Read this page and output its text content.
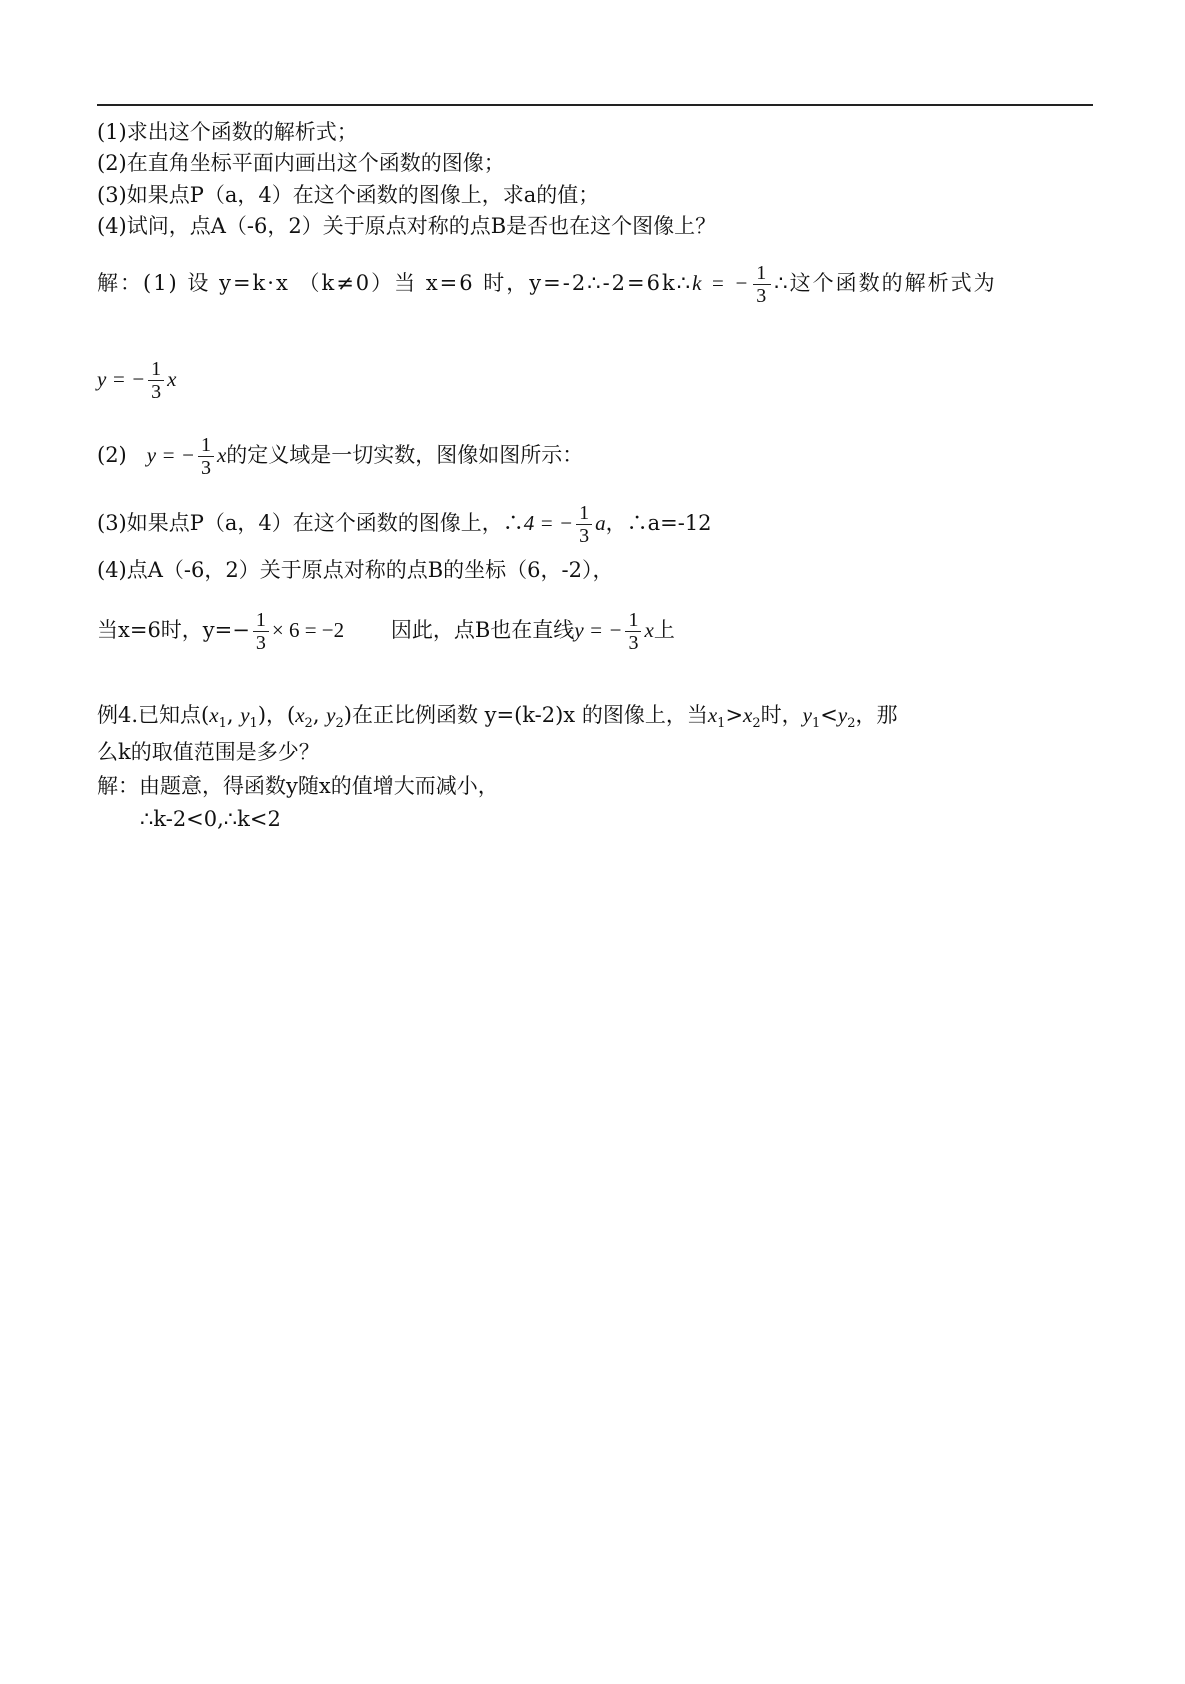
(1)求出这个函数的解析式；
(2)在直角坐标平面内画出这个函数的图像；
(3)如果点P（a，4）在这个函数的图像上，求a的值；
(4)试问，点A（-6，2）关于原点对称的点B是否也在这个图像上？
解：(1) 设 y=k·x （k≠0）当 x=6 时，y=-2∴-2=6k∴k = − $\frac{1}{3}$ ∴这个函数的解析式为
y = − $\frac{1}{3}$ x
(2) y = − $\frac{1}{3}$ x的定义域是一切实数，图像如图所示：
(3)如果点P（a，4）在这个函数的图像上，∴4 = − $\frac{1}{3}$ a，∴a=-12
(4)点A（-6，2）关于原点对称的点B的坐标（6，-2），
当x=6时，$y=- \frac{1}{3} \times 6 = -2$ 因此，点B也在直线y = − $\frac{1}{3}$ x上
例4.已知点($x_1$, $y_1$)，($x_2$, $y_2$)在正比例函数 y=(k-2)x 的图像上，当$x_1>x_2$时，$y_1<y_2$，那
么k的取值范围是多少？
解：由题意，得函数y随x的值增大而减小，
∴k-2<0,∴k<2
